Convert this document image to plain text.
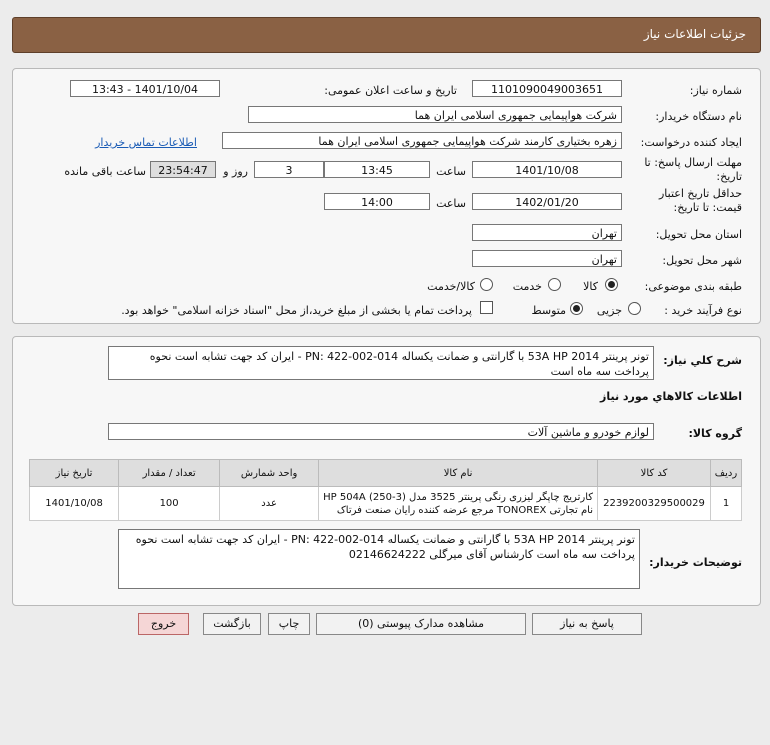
جزئیات اطلاعات نیاز
شماره نیاز:
1101090049003651
تاریخ و ساعت اعلان عمومی:
1401/10/04 - 13:43
نام دستگاه خریدار:
شرکت هواپیمایی جمهوری اسلامی ایران هما
ایجاد کننده درخواست:
زهره بختیاری کارمند شرکت هواپیمایی جمهوری اسلامی ایران هما
اطلاعات تماس خریدار
مهلت ارسال پاسخ: تا تاریخ:
1401/10/08
ساعت
13:45
3
روز و
23:54:47
ساعت باقی مانده
حداقل تاریخ اعتبار قیمت: تا تاریخ:
1402/01/20
ساعت
14:00
استان محل تحویل:
تهران
شهر محل تحویل:
تهران
طبقه بندی موضوعی:
کالا
خدمت
کالا/خدمت
نوع فرآیند خرید :
جزیی
متوسط
پرداخت تمام یا بخشی از مبلغ خرید،از محل "اسناد خزانه اسلامی" خواهد بود.
شرح کلي نياز:
تونر پرینتر 53A HP 2014 با گارانتی و ضمانت یکساله PN: 422-002-014 - ایران کد جهت تشابه است نحوه پرداخت سه ماه است
اطلاعات کالاهاي مورد نياز
گروه کالا:
لوازم خودرو و ماشین آلات
ردیف	کد کالا	نام کالا	واحد شمارش	تعداد / مقدار	تاریخ نیاز
1	2239200329500029	کارتریج چاپگر لیزری رنگی پرینتر 3525 مدل (3-250) HP 504A
نام تجارتی TONOREX مرجع عرضه کننده رایان صنعت فرتاک	عدد	100	1401/10/08
توضیحات خریدار:
تونر پرینتر 53A HP 2014 با گارانتی و ضمانت یکساله PN: 422-002-014 - ایران کد جهت تشابه است نحوه پرداخت سه ماه است کارشناس آقای میرگلی 02146624222
پاسخ به نیاز
مشاهده مدارک پیوستی (0)
چاپ
بازگشت
خروج
